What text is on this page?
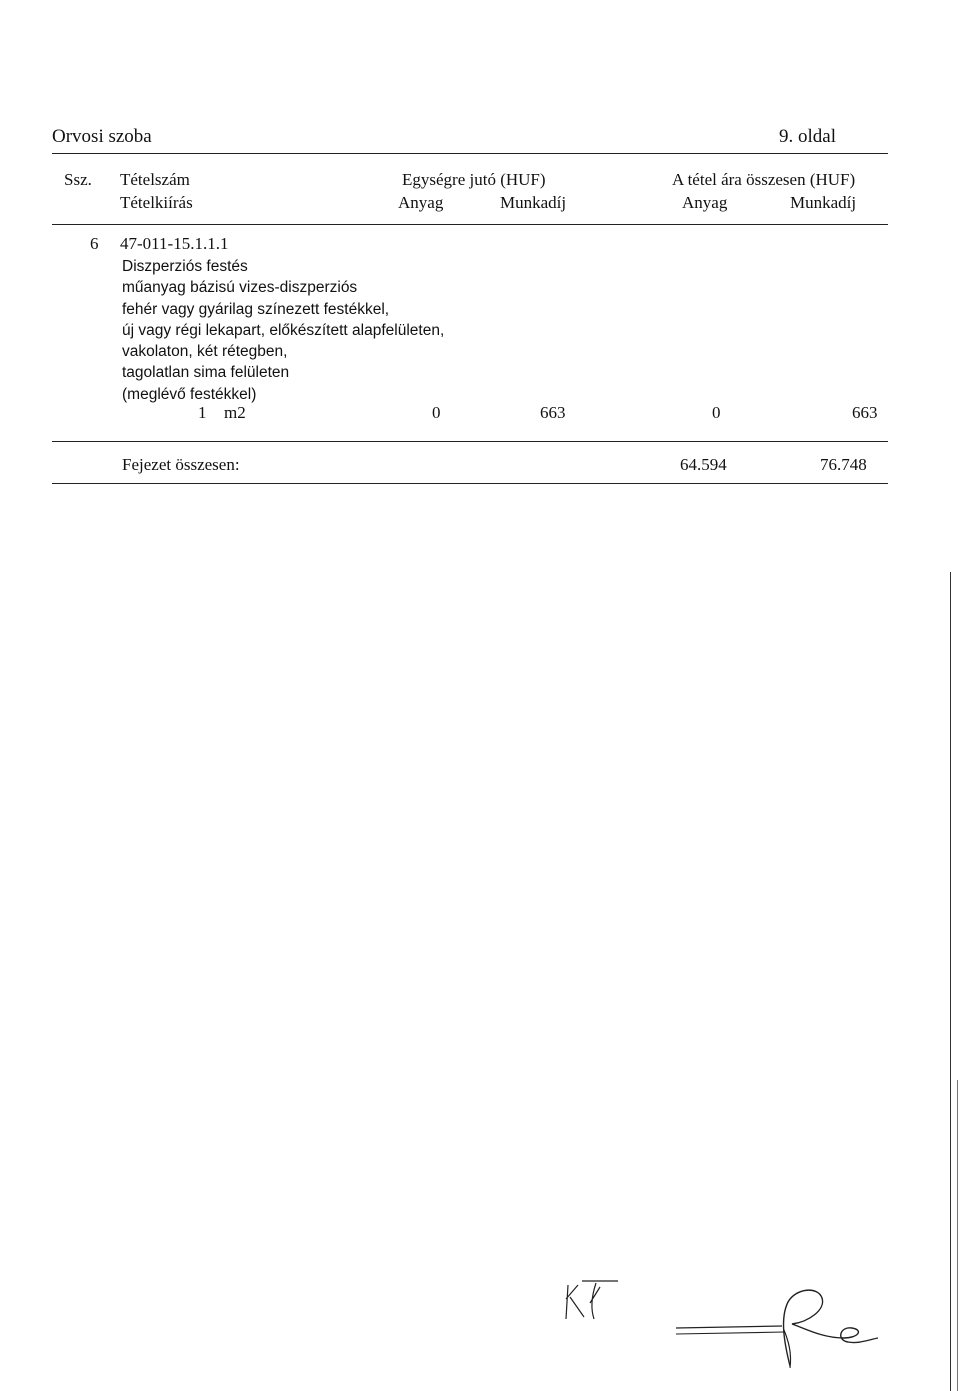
Orvosi szoba	9. oldal
Ssz. Tételszám
Tételkiírás
Egységre jutó (HUF)
Anyag	Munkadíj
A tétel ára összesen (HUF)
Anyag	Munkadíj
6 47-011-15.1.1.1
Diszperziós festés
műanyag bázisú vizes-diszperziós
fehér vagy gyárilag színezett festékkel,
új vagy régi lekapart, előkészített alapfelületen,
vakolaton, két rétegben,
tagolatlan sima felületen
(meglévő festékkel)
1 m2	0	663	0	663
Fejezet összesen:	64.594	76.748
